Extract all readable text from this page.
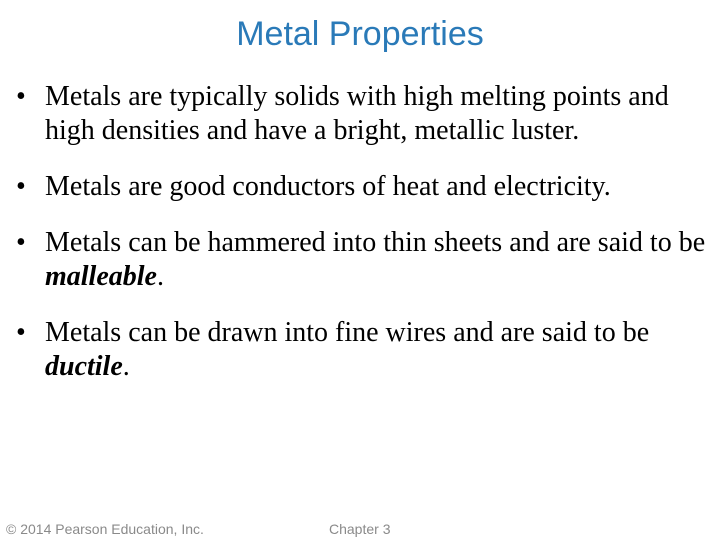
Metal Properties
• Metals are typically solids with high melting points and high densities and have a bright, metallic luster.
• Metals are good conductors of heat and electricity.
• Metals can be hammered into thin sheets and are said to be malleable.
• Metals can be drawn into fine wires and are said to be ductile.
© 2014 Pearson Education, Inc.	Chapter 3
